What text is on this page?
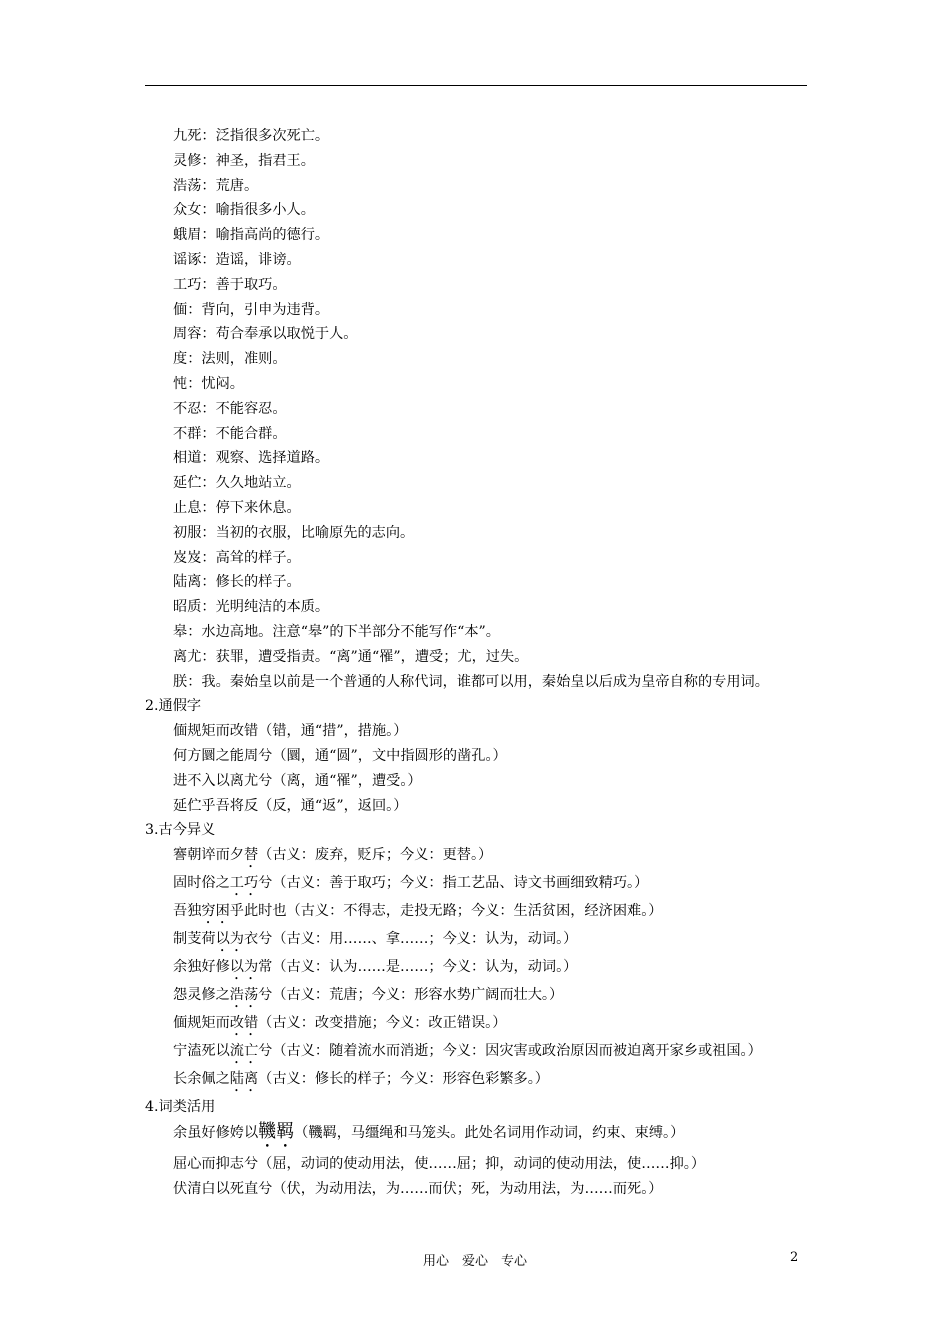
九死：泛指很多次死亡。
灵修：神圣，指君王。
浩荡：荒唐。
众女：喻指很多小人。
蛾眉：喻指高尚的德行。
谣诼：造谣，诽谤。
工巧：善于取巧。
偭：背向，引申为违背。
周容：苟合奉承以取悦于人。
度：法则，准则。
忳：忧闷。
不忍：不能容忍。
不群：不能合群。
相道：观察、选择道路。
延伫：久久地站立。
止息：停下来休息。
初服：当初的衣服，比喻原先的志向。
岌岌：高耸的样子。
陆离：修长的样子。
昭质：光明纯洁的本质。
皋：水边高地。注意“皋”的下半部分不能写作“本”。
离尤：获罪，遭受指责。“离”通“罹”，遭受；尤，过失。
朕：我。秦始皇以前是一个普通的人称代词，谁都可以用，秦始皇以后成为皇帝自称的专用词。
2.通假字
偭规矩而改错（错，通“措”，措施。）
何方圜之能周兮（圜，通“圆”，文中指圆形的凿孔。）
进不入以离尤兮（离，通“罹”，遭受。）
延伫乎吾将反（反，通“返”，返回。）
3.古今异义
謇朝谇而夕替（古义：废弃，贬斥；今义：更替。）
固时俗之工巧兮（古义：善于取巧；今义：指工艺品、诗文书画细致精巧。）
吾独穷困乎此时也（古义：不得志，走投无路；今义：生活贫困，经济困难。）
制芰荷以为衣兮（古义：用……、拿……；今义：认为，动词。）
余独好修以为常（古义：认为……是……；今义：认为，动词。）
怨灵修之浩荡兮（古义：荒唐；今义：形容水势广阔而壮大。）
偭规矩而改错（古义：改变措施；今义：改正错误。）
宁溘死以流亡兮（古义：随着流水而消逝；今义：因灾害或政治原因而被迫离开家乡或祖国。）
长余佩之陆离（古义：修长的样子；今义：形容色彩繁多。）
4.词类活用
余虽好修姱以鞿羁（鞿羁，马缰绳和马笼头。此处名词用作动词，约束、束缚。）
屈心而抑志兮（屈，动词的使动用法，使……屈；抑，动词的使动用法，使……抑。）
伏清白以死直兮（伏，为动用法，为……而伏；死，为动用法，为……而死。）
用心　爱心　专心	2
